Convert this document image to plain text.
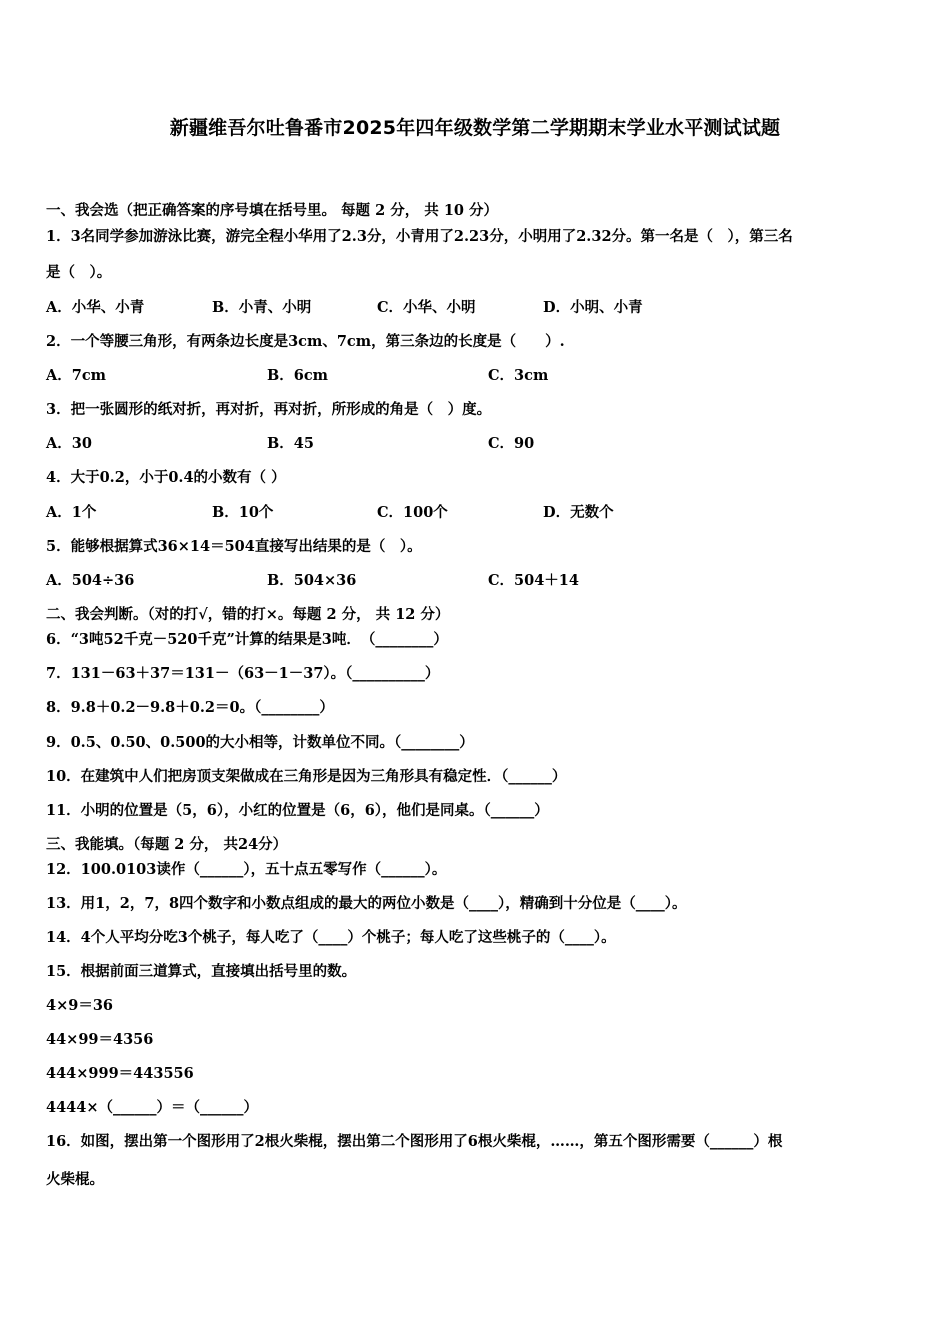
新疆维吾尔吐鲁番市2025年四年级数学第二学期期末学业水平测试试题
一、我会选（把正确答案的序号填在括号里。 每题 2 分， 共 10 分）
1．3名同学参加游泳比赛，游完全程小华用了2.3分，小青用了2.23分，小明用了2.32分。第一名是（　），第三名
是（　）。
A．小华、小青	B．小青、小明	C．小华、小明	D．小明、小青
2．一个等腰三角形，有两条边长度是3cm、7cm，第三条边的长度是（　　）.
A．7cm	B．6cm	C．3cm
3．把一张圆形的纸对折，再对折，再对折，所形成的角是（　）度。
A．30	B．45	C．90
4．大于0.2，小于0.4的小数有（ ）
A．1个	B．10个	C．100个	D．无数个
5．能够根据算式36×14＝504直接写出结果的是（　）。
A．504÷36	B．504×36	C．504＋14
二、我会判断。（对的打√，错的打×。每题 2 分， 共 12 分）
6．“3吨52千克－520千克”计算的结果是3吨．　（________）
7．131－63＋37＝131－（63－1－37）。（__________）
8．9.8＋0.2－9.8＋0.2＝0。（________）
9．0.5、0.50、0.500的大小相等，计数单位不同。（________）
10．在建筑中人们把房顶支架做成在三角形是因为三角形具有稳定性．（______）
11．小明的位置是（5，6），小红的位置是（6，6），他们是同桌。（______）
三、我能填。（每题 2 分， 共24分）
12．100.0103读作（______），五十点五零写作（______）。
13．用1，2，7，8四个数字和小数点组成的最大的两位小数是（____），精确到十分位是（____）。
14．4个人平均分吃3个桃子，每人吃了（____）个桃子；每人吃了这些桃子的（____）。
15．根据前面三道算式，直接填出括号里的数。
4×9＝36
44×99＝4356
444×999＝443556
4444×（______）＝（______）
16．如图，摆出第一个图形用了2根火柴棍，摆出第二个图形用了6根火柴棍，……，第五个图形需要（______）根
火柴棍。
